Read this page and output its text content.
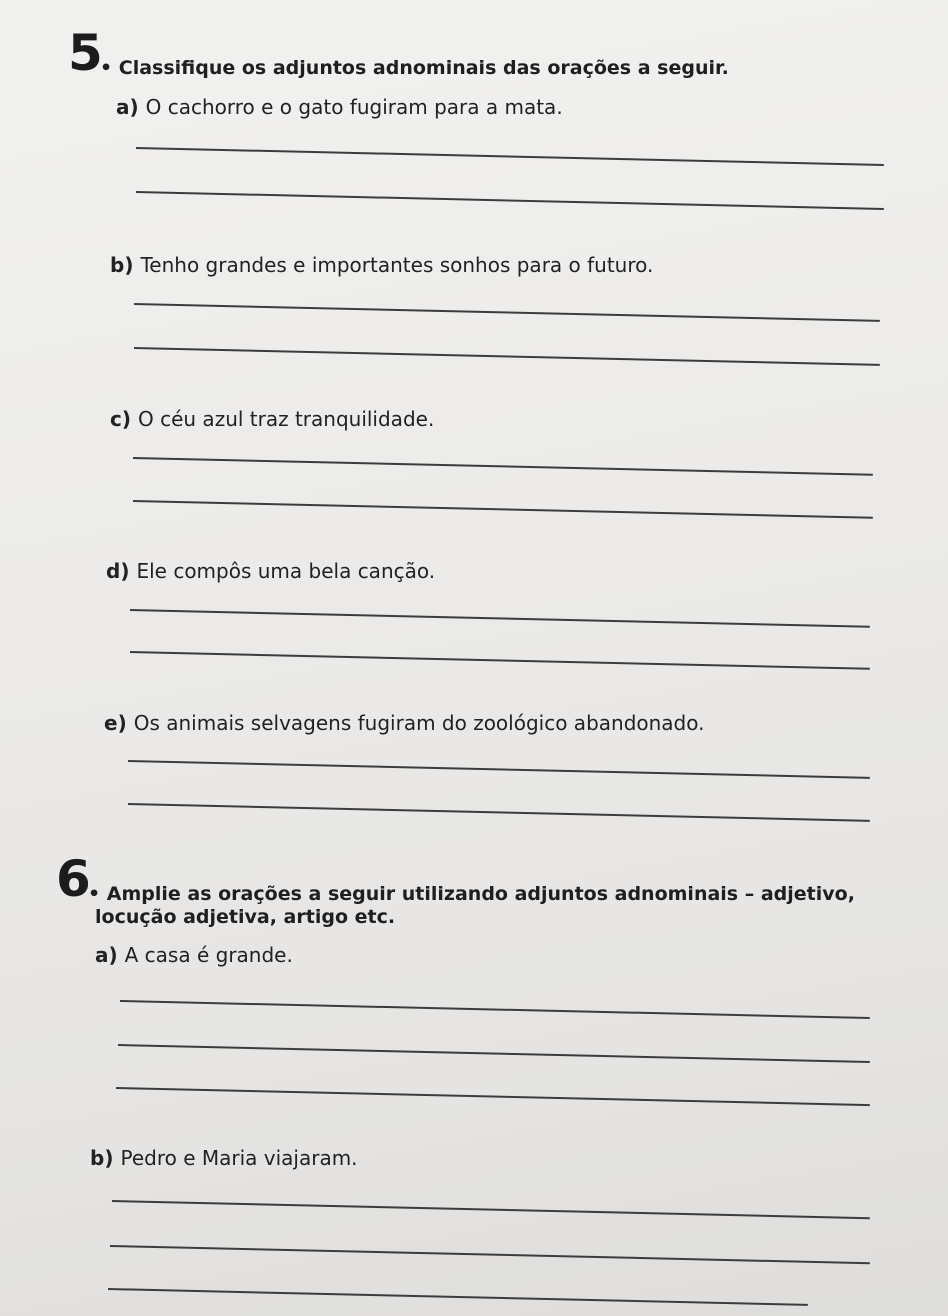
5
• Classifique os adjuntos adnominais das orações a seguir.
a) O cachorro e o gato fugiram para a mata.
b) Tenho grandes e importantes sonhos para o futuro.
c) O céu azul traz tranquilidade.
d) Ele compôs uma bela canção.
e) Os animais selvagens fugiram do zoológico abandonado.
6
• Amplie as orações a seguir utilizando adjuntos adnominais – adjetivo,
locução adjetiva, artigo etc.
a) A casa é grande.
b) Pedro e Maria viajaram.
